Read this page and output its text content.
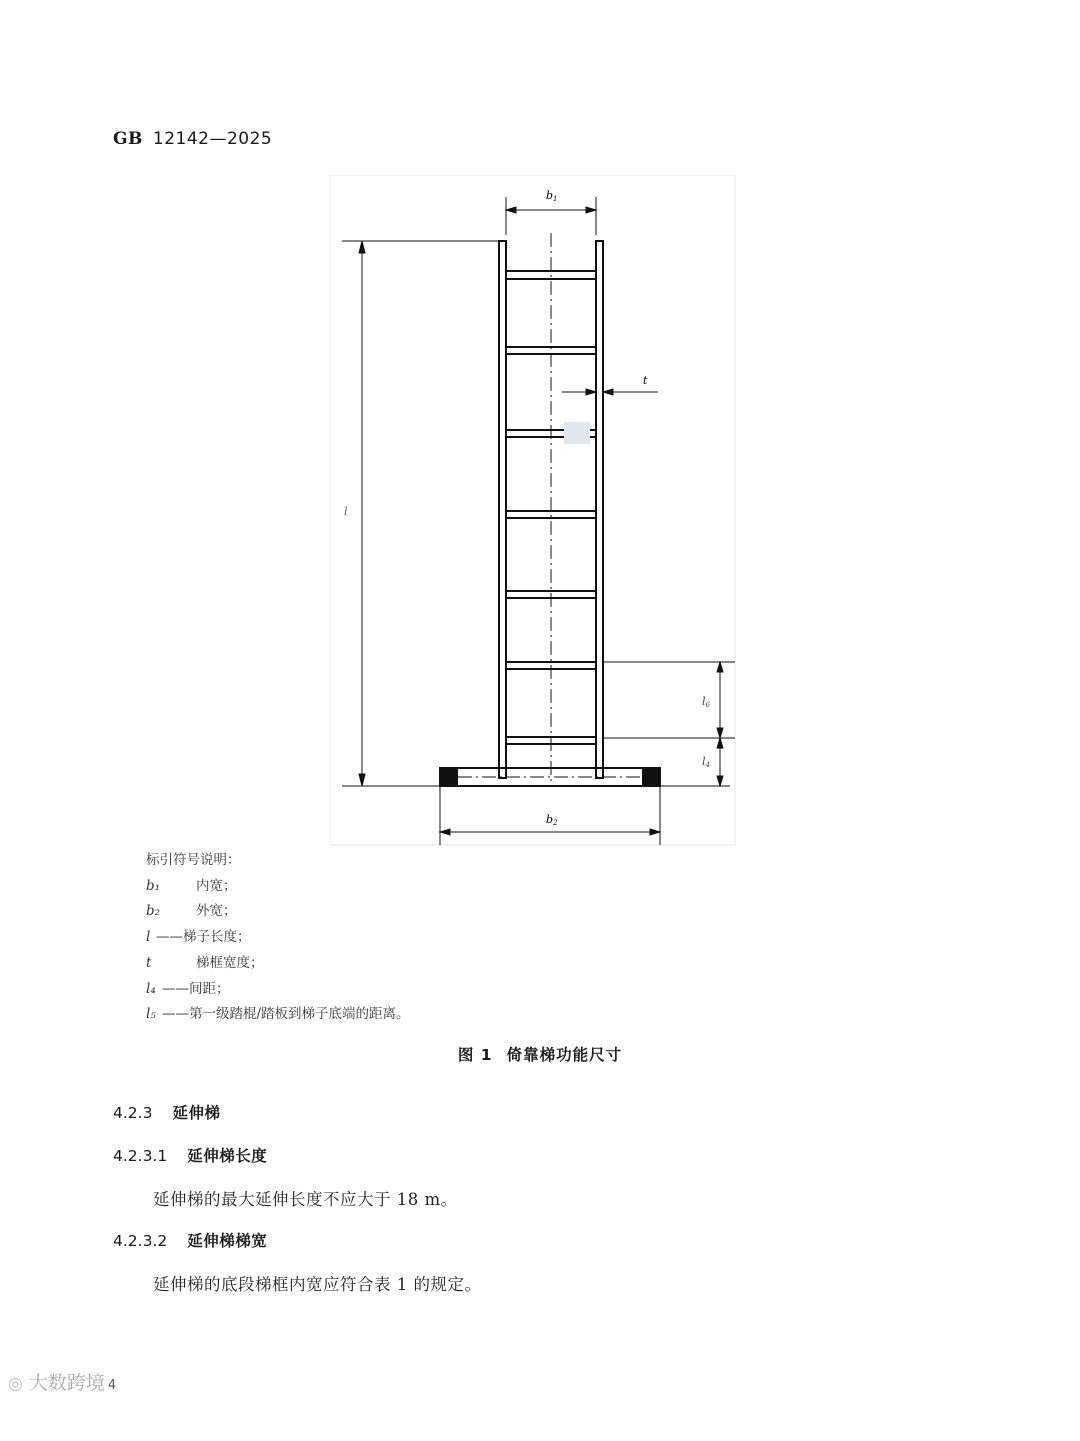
GB 12142—2025
b1
l
t
l6
l4
b2
标引符号说明：
b₁	内宽；
b₂	外宽；
l —— 梯子长度；
t	梯框宽度；
l₄ —— 间距；
l₅ —— 第一级踏棍/踏板到梯子底端的距离。
图 1 倚靠梯功能尺寸
4.2.3 延伸梯
4.2.3.1 延伸梯长度
延伸梯的最大延伸长度不应大于 18 m。
4.2.3.2 延伸梯梯宽
延伸梯的底段梯框内宽应符合表 1 的规定。
◎ 大数跨境 4
